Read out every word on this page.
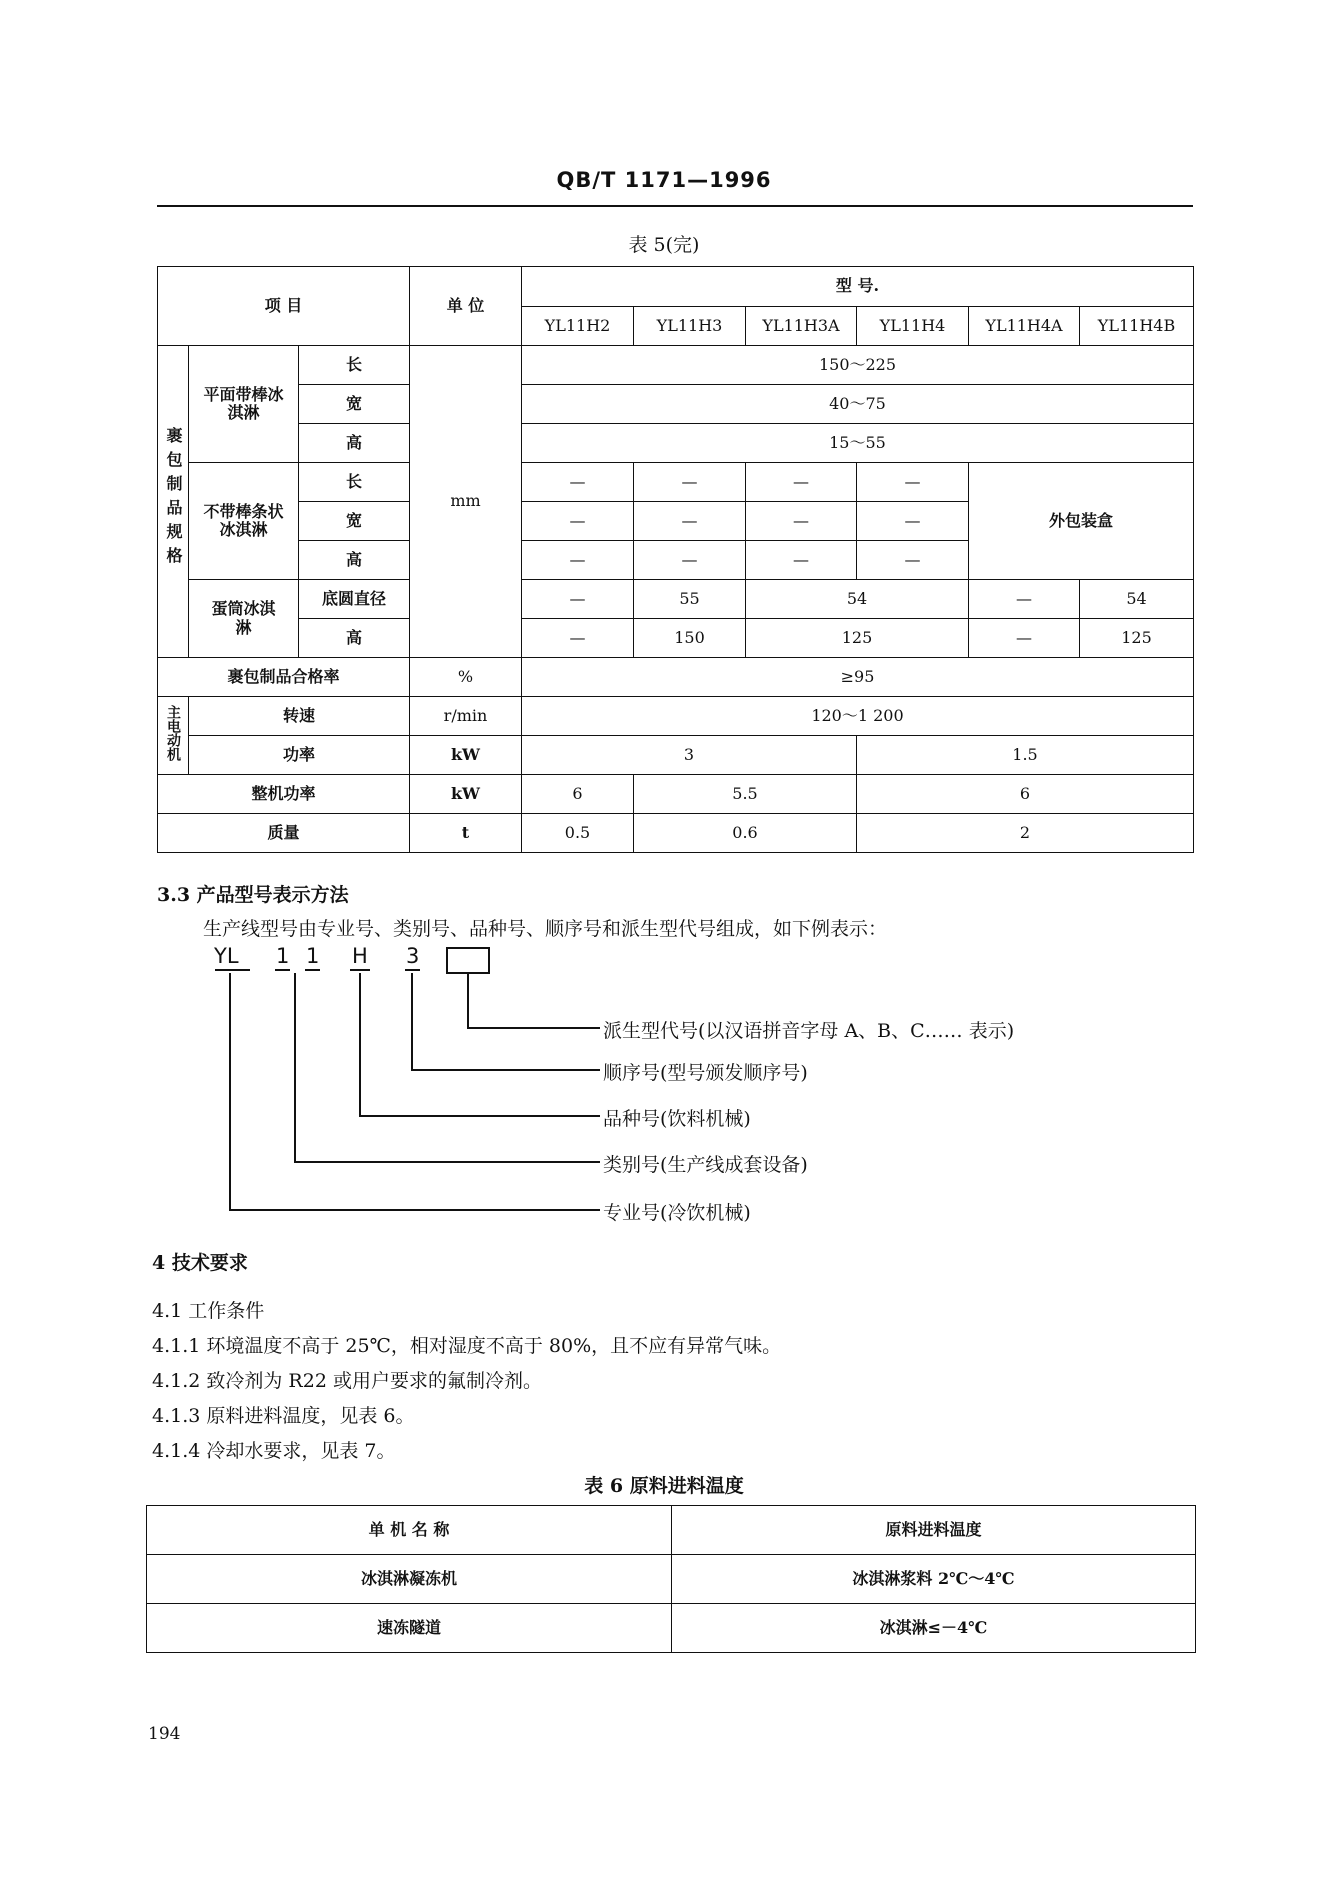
QB/T 1171—1996
表 5(完)
项 目			单 位	型 号.					
				YL11H2	YL11H3	YL11H3A	YL11H4	YL11H4A	YL11H4B
裹包制品规格	平面带棒冰淇淋	长	mm	150～225					
		宽		40～75					
		高		15～55					
	不带棒条状冰淇淋	长		—	—	—	—	外包装盒	
		宽		—	—	—	—		
		高		—	—	—	—		
	蛋筒冰淇淋	底圆直径		—	55	54		—	54
		高		—	150	125		—	125
裹包制品合格率			%	≥95					
主电动机	转速		r/min	120～1 200					
	功率		kW	3			1.5		
整机功率			kW	6	5.5		6		
质量			t	0.5	0.6		2		
3.3 产品型号表示方法
生产线型号由专业号、类别号、品种号、顺序号和派生型代号组成，如下例表示：
YL 1 1 H 3
派生型代号(以汉语拼音字母 A、B、C…… 表示)
顺序号(型号颁发顺序号)
品种号(饮料机械)
类别号(生产线成套设备)
专业号(冷饮机械)
4 技术要求
4.1 工作条件
4.1.1 环境温度不高于 25℃，相对湿度不高于 80%，且不应有异常气味。
4.1.2 致冷剂为 R22 或用户要求的氟制冷剂。
4.1.3 原料进料温度，见表 6。
4.1.4 冷却水要求，见表 7。
表 6 原料进料温度
单 机 名 称	原料进料温度
冰淇淋凝冻机	冰淇淋浆料 2℃～4℃
速冻隧道	冰淇淋≤－4℃
194
